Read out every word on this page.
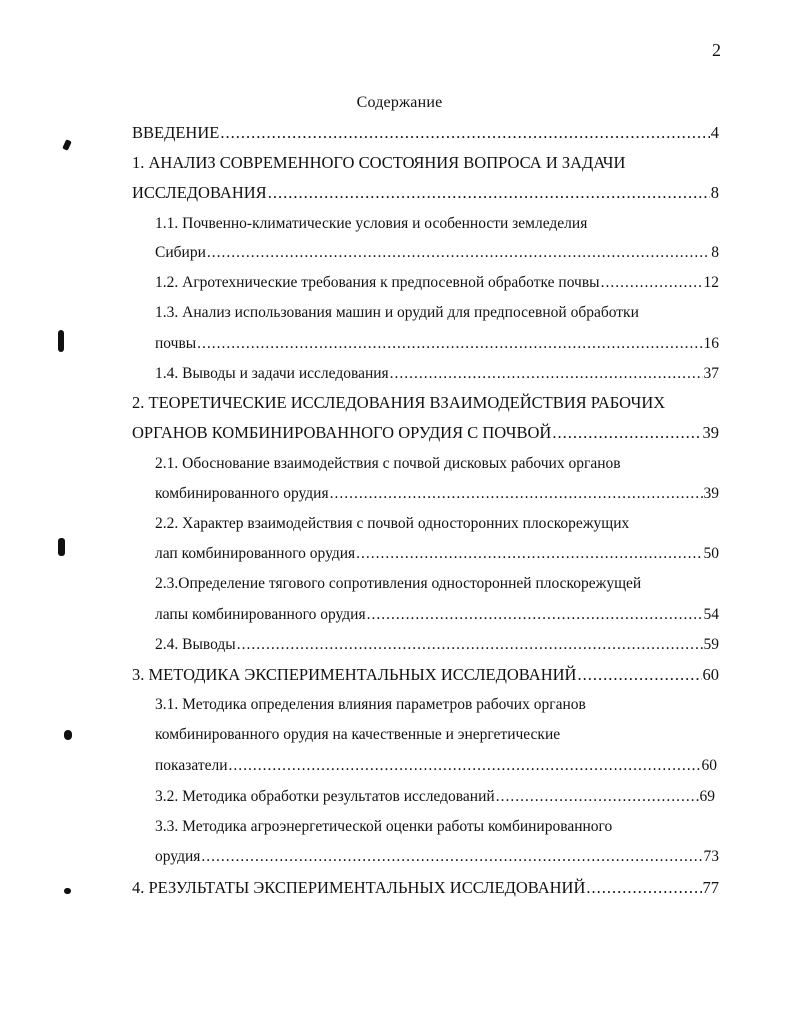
2
Содержание
ВВЕДЕНИЕ .....	4
1. АНАЛИЗ СОВРЕМЕННОГО СОСТОЯНИЯ ВОПРОСА И ЗАДАЧИ
ИССЛЕДОВАНИЯ .....	8
1.1. Почвенно-климатические условия и особенности земледелия
Сибири .....	8
1.2. Агротехнические требования к предпосевной обработке почвы .....	12
1.3. Анализ использования машин и орудий для предпосевной обработки
почвы .....	16
1.4. Выводы и задачи исследования .....	37
2. ТЕОРЕТИЧЕСКИЕ ИССЛЕДОВАНИЯ ВЗАИМОДЕЙСТВИЯ РАБОЧИХ
ОРГАНОВ КОМБИНИРОВАННОГО ОРУДИЯ С ПОЧВОЙ .....	39
2.1. Обоснование взаимодействия с почвой дисковых рабочих органов
комбинированного орудия .....	39
2.2. Характер взаимодействия с почвой односторонних плоскорежущих
лап комбинированного орудия .....	50
2.3.Определение тягового сопротивления односторонней плоскорежущей
лапы комбинированного орудия .....	54
2.4. Выводы .....	59
3. МЕТОДИКА ЭКСПЕРИМЕНТАЛЬНЫХ ИССЛЕДОВАНИЙ .....	60
3.1. Методика определения влияния параметров рабочих органов
комбинированного орудия на качественные и энергетические
показатели .....	60
3.2. Методика обработки результатов исследований .....	69
3.3. Методика агроэнергетической оценки работы комбинированного
орудия .....	73
4. РЕЗУЛЬТАТЫ ЭКСПЕРИМЕНТАЛЬНЫХ ИССЛЕДОВАНИЙ .....	77
